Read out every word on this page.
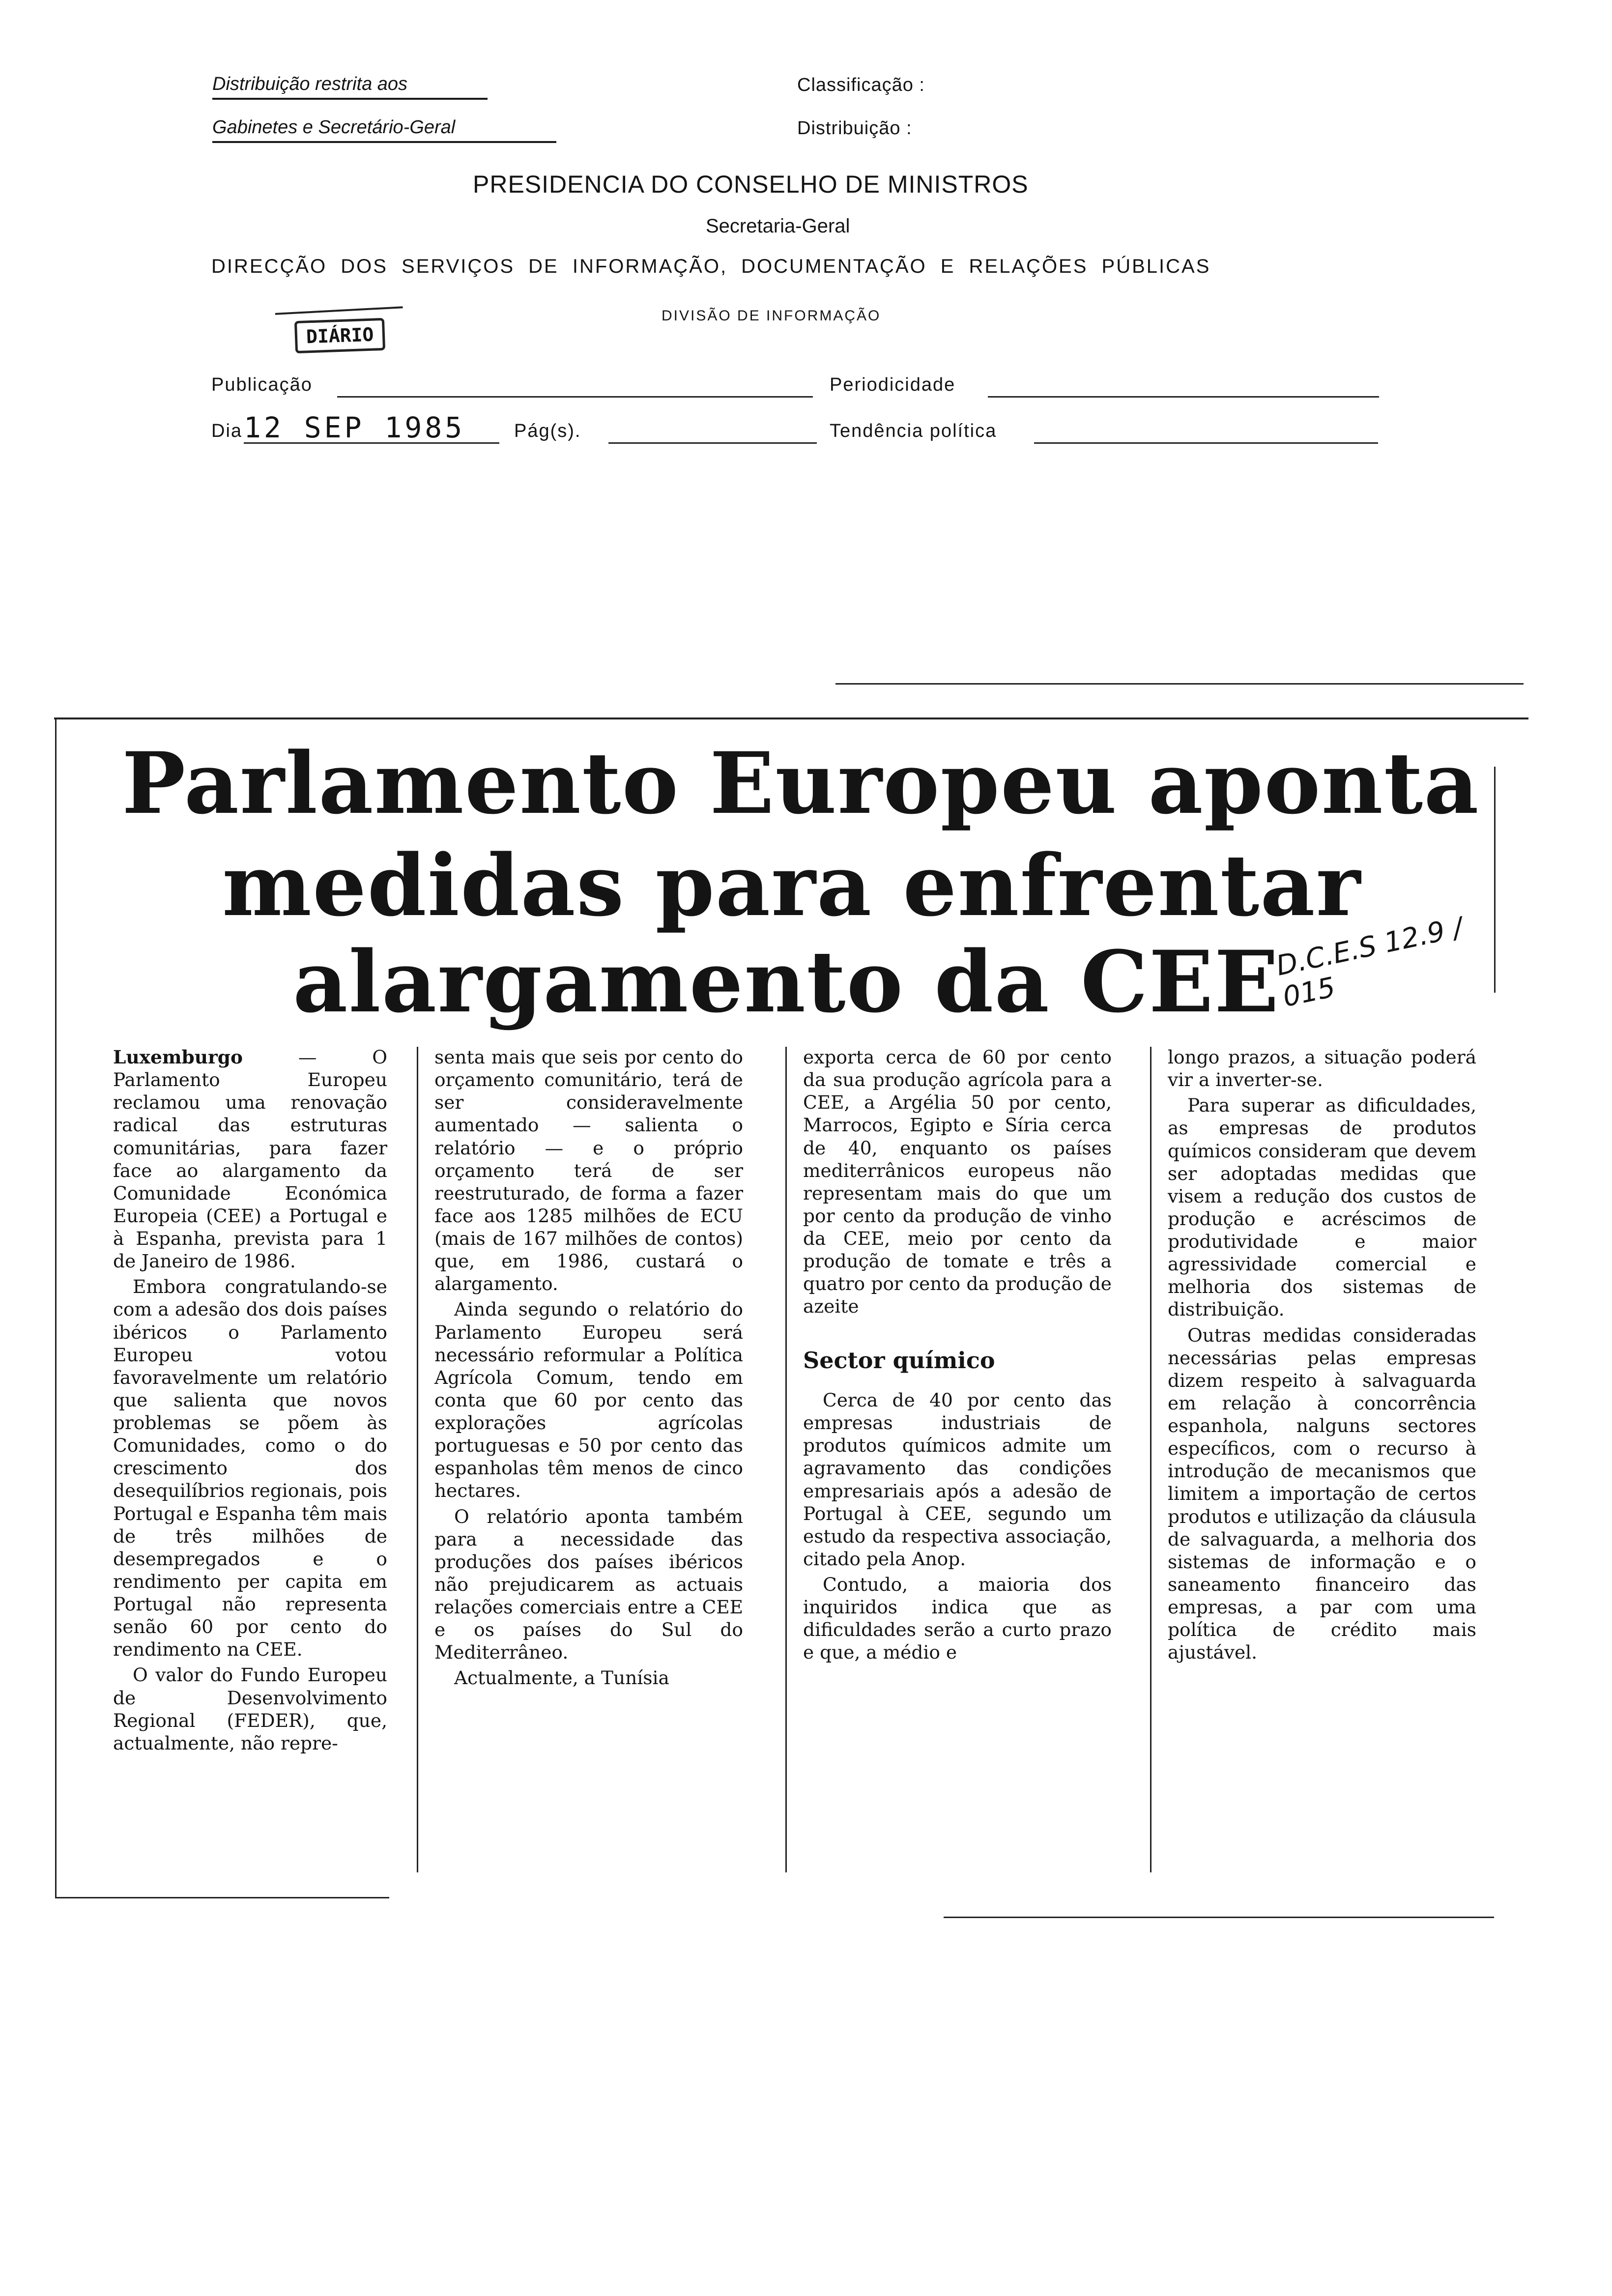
Distribuição restrita aos
Gabinetes e Secretário-Geral
Classificação :
Distribuição :
PRESIDENCIA DO CONSELHO DE MINISTROS
Secretaria-Geral
DIRECÇÃO DOS SERVIÇOS DE INFORMAÇÃO, DOCUMENTAÇÃO E RELAÇÕES PÚBLICAS
DIVISÃO DE INFORMAÇÃO
DIÁRIO
Publicação	Periodicidade
Dia 12 SEP 1985	Pág(s).	Tendência política
Parlamento Europeu aponta
medidas para enfrentar
alargamento da CEE
D.C.E.S 12.9 / 015

Luxemburgo — O Parlamento Europeu reclamou uma renovação radical das estruturas comunitárias, para fazer face ao alargamento da Comunidade Económica Europeia (CEE) a Portugal e à Espanha, prevista para 1 de Janeiro de 1986.

Embora congratulando-se com a adesão dos dois países ibéricos o Parlamento Europeu votou favoravelmente um relatório que salienta que novos problemas se põem às Comunidades, como o do crescimento dos desequilíbrios regionais, pois Portugal e Espanha têm mais de três milhões de desempregados e o rendimento per capita em Portugal não representa senão 60 por cento do rendimento na CEE.

O valor do Fundo Europeu de Desenvolvimento Regional (FEDER), que, actualmente, não repre-

senta mais que seis por cento do orçamento comunitário, terá de ser consideravelmente aumentado — salienta o relatório — e o próprio orçamento terá de ser reestruturado, de forma a fazer face aos 1285 milhões de ECU (mais de 167 milhões de contos) que, em 1986, custará o alargamento.

Ainda segundo o relatório do Parlamento Europeu será necessário reformular a Política Agrícola Comum, tendo em conta que 60 por cento das explorações agrícolas portuguesas e 50 por cento das espanholas têm menos de cinco hectares.

O relatório aponta também para a necessidade das produções dos países ibéricos não prejudicarem as actuais relações comerciais entre a CEE e os países do Sul do Mediterrâneo.

Actualmente, a Tunísia

exporta cerca de 60 por cento da sua produção agrícola para a CEE, a Argélia 50 por cento, Marrocos, Egipto e Síria cerca de 40, enquanto os países mediterrânicos europeus não representam mais do que um por cento da produção de vinho da CEE, meio por cento da produção de tomate e três a quatro por cento da produção de azeite

Sector químico

Cerca de 40 por cento das empresas industriais de produtos químicos admite um agravamento das condições empresariais após a adesão de Portugal à CEE, segundo um estudo da respectiva associação, citado pela Anop.

Contudo, a maioria dos inquiridos indica que as dificuldades serão a curto prazo e que, a médio e

longo prazos, a situação poderá vir a inverter-se.

Para superar as dificuldades, as empresas de produtos químicos consideram que devem ser adoptadas medidas que visem a redução dos custos de produção e acréscimos de produtividade e maior agressividade comercial e melhoria dos sistemas de distribuição.

Outras medidas consideradas necessárias pelas empresas dizem respeito à salvaguarda em relação à concorrência espanhola, nalguns sectores específicos, com o recurso à introdução de mecanismos que limitem a importação de certos produtos e utilização da cláusula de salvaguarda, a melhoria dos sistemas de informação e o saneamento financeiro das empresas, a par com uma política de crédito mais ajustável.
